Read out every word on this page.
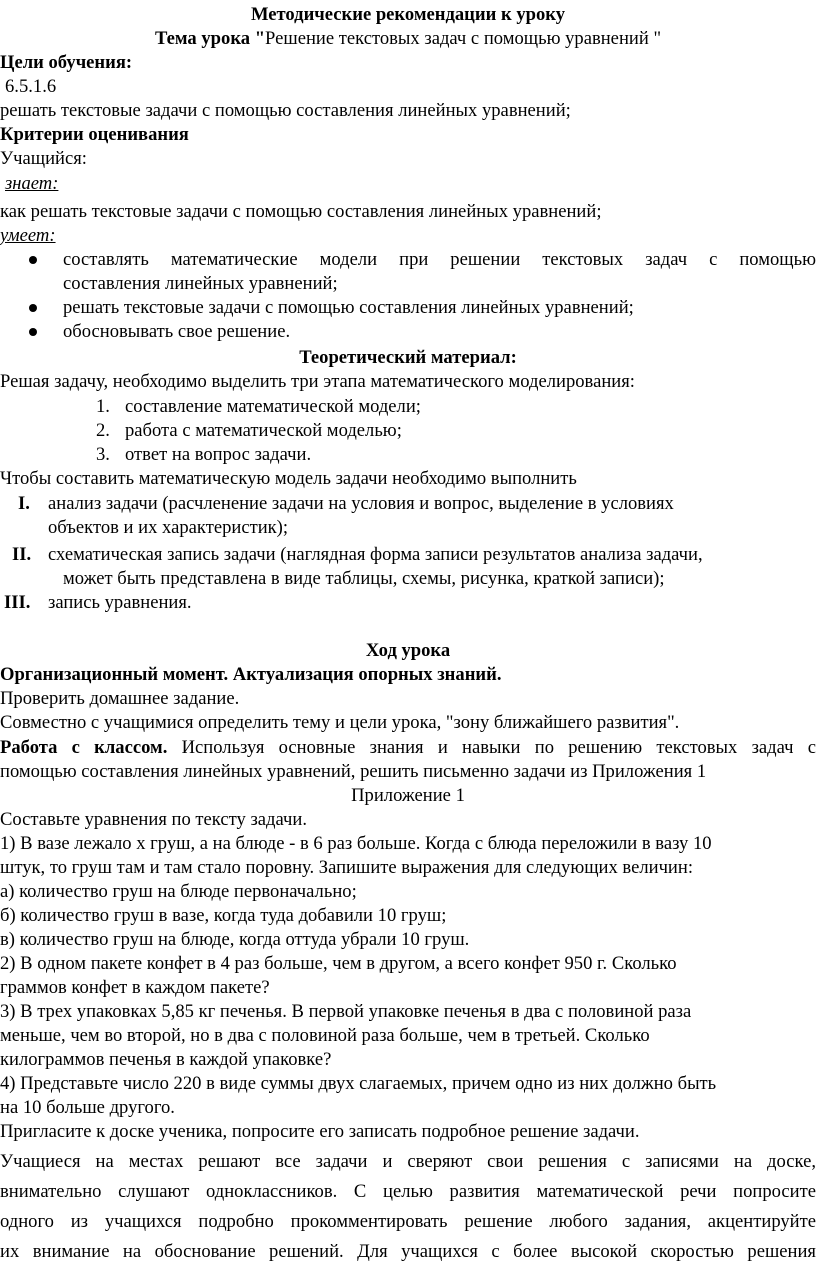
Методические рекомендации к уроку
Тема урока "Решение текстовых задач с помощью уравнений "
Цели обучения:
6.5.1.6
решать текстовые задачи с помощью составления линейных уравнений;
Критерии оценивания
Учащийся:
знает:
как решать текстовые задачи с помощью составления линейных уравнений;
умеет:
составлять математические модели при решении текстовых задач с помощью
составления линейных уравнений;
решать текстовые задачи с помощью составления линейных уравнений;
обосновывать свое решение.
Теоретический материал:
Решая задачу, необходимо выделить три этапа математического моделирования:
1. составление математической модели;
2. работа с математической моделью;
3. ответ на вопрос задачи.
Чтобы составить математическую модель задачи необходимо выполнить
I. анализ задачи (расчленение задачи на условия и вопрос, выделение в условиях
объектов и их характеристик);
II. схематическая запись задачи (наглядная форма записи результатов анализа задачи,
может быть представлена в виде таблицы, схемы, рисунка, краткой записи);
III. запись уравнения.
Ход урока
Организационный момент. Актуализация опорных знаний.
Проверить домашнее задание.
Совместно с учащимися определить тему и цели урока, "зону ближайшего развития".
Работа с классом. Используя основные знания и навыки по решению текстовых задач с
помощью составления линейных уравнений, решить письменно задачи из Приложения 1
Приложение 1
Составьте уравнения по тексту задачи.
1) В вазе лежало х груш, а на блюде - в 6 раз больше. Когда с блюда переложили в вазу 10
штук, то груш там и там стало поровну. Запишите выражения для следующих величин:
а) количество груш на блюде первоначально;
б) количество груш в вазе, когда туда добавили 10 груш;
в) количество груш на блюде, когда оттуда убрали 10 груш.
2) В одном пакете конфет в 4 раз больше, чем в другом, а всего конфет 950 г. Сколько
граммов конфет в каждом пакете?
3) В трех упаковках 5,85 кг печенья. В первой упаковке печенья в два с половиной раза
меньше, чем во второй, но в два с половиной раза больше, чем в третьей. Сколько
килограммов печенья в каждой упаковке?
4) Представьте число 220 в виде суммы двух слагаемых, причем одно из них должно быть
на 10 больше другого.
Пригласите к доске ученика, попросите его записать подробное решение задачи.
Учащиеся на местах решают все задачи и сверяют свои решения с записями на доске,
внимательно слушают одноклассников. С целью развития математической речи попросите
одного из учащихся подробно прокомментировать решение любого задания, акцентируйте
их внимание на обоснование решений. Для учащихся с более высокой скоростью решения
